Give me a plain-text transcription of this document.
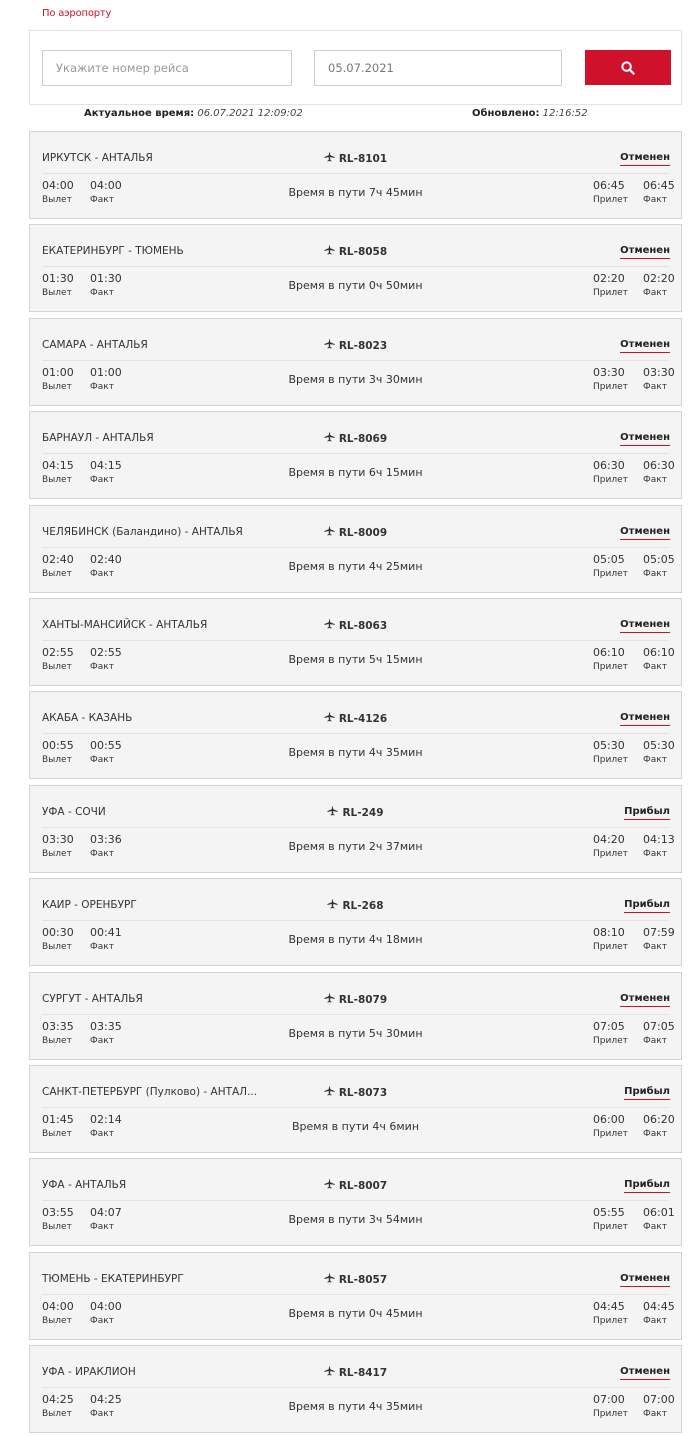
По аэропорту
Укажите номер рейса	05.07.2021
Актуальное время: 06.07.2021 12:09:02	Обновлено: 12:16:52
ИРКУТСК - АНТАЛЬЯ	RL-8101	Отменен
04:00 04:00
Вылет Факт
Время в пути 7ч 45мин
06:45 06:45
Прилет Факт
ЕКАТЕРИНБУРГ - ТЮМЕНЬ	RL-8058	Отменен
01:30 01:30
Вылет Факт
Время в пути 0ч 50мин
02:20 02:20
Прилет Факт
САМАРА - АНТАЛЬЯ	RL-8023	Отменен
01:00 01:00
Вылет Факт
Время в пути 3ч 30мин
03:30 03:30
Прилет Факт
БАРНАУЛ - АНТАЛЬЯ	RL-8069	Отменен
04:15 04:15
Вылет Факт
Время в пути 6ч 15мин
06:30 06:30
Прилет Факт
ЧЕЛЯБИНСК (Баландино) - АНТАЛЬЯ	RL-8009	Отменен
02:40 02:40
Вылет Факт
Время в пути 4ч 25мин
05:05 05:05
Прилет Факт
ХАНТЫ-МАНСИЙСК - АНТАЛЬЯ	RL-8063	Отменен
02:55 02:55
Вылет Факт
Время в пути 5ч 15мин
06:10 06:10
Прилет Факт
АКАБА - КАЗАНЬ	RL-4126	Отменен
00:55 00:55
Вылет Факт
Время в пути 4ч 35мин
05:30 05:30
Прилет Факт
УФА - СОЧИ	RL-249	Прибыл
03:30 03:36
Вылет Факт
Время в пути 2ч 37мин
04:20 04:13
Прилет Факт
КАИР - ОРЕНБУРГ	RL-268	Прибыл
00:30 00:41
Вылет Факт
Время в пути 4ч 18мин
08:10 07:59
Прилет Факт
СУРГУТ - АНТАЛЬЯ	RL-8079	Отменен
03:35 03:35
Вылет Факт
Время в пути 5ч 30мин
07:05 07:05
Прилет Факт
САНКТ-ПЕТЕРБУРГ (Пулково) - АНТАЛ...	RL-8073	Прибыл
01:45 02:14
Вылет Факт
Время в пути 4ч 6мин
06:00 06:20
Прилет Факт
УФА - АНТАЛЬЯ	RL-8007	Прибыл
03:55 04:07
Вылет Факт
Время в пути 3ч 54мин
05:55 06:01
Прилет Факт
ТЮМЕНЬ - ЕКАТЕРИНБУРГ	RL-8057	Отменен
04:00 04:00
Вылет Факт
Время в пути 0ч 45мин
04:45 04:45
Прилет Факт
УФА - ИРАКЛИОН	RL-8417	Отменен
04:25 04:25
Вылет Факт
Время в пути 4ч 35мин
07:00 07:00
Прилет Факт
